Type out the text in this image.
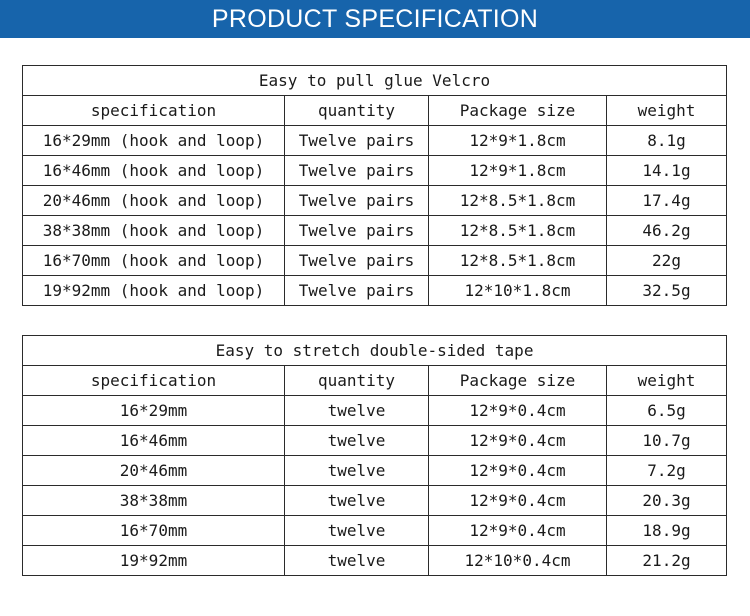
PRODUCT SPECIFICATION
Easy to pull glue Velcro			
specification	quantity	Package size	weight
16*29mm (hook and loop)	Twelve pairs	12*9*1.8cm	8.1g
16*46mm (hook and loop)	Twelve pairs	12*9*1.8cm	14.1g
20*46mm (hook and loop)	Twelve pairs	12*8.5*1.8cm	17.4g
38*38mm (hook and loop)	Twelve pairs	12*8.5*1.8cm	46.2g
16*70mm (hook and loop)	Twelve pairs	12*8.5*1.8cm	22g
19*92mm (hook and loop)	Twelve pairs	12*10*1.8cm	32.5g
Easy to stretch double-sided tape			
specification	quantity	Package size	weight
16*29mm	twelve	12*9*0.4cm	6.5g
16*46mm	twelve	12*9*0.4cm	10.7g
20*46mm	twelve	12*9*0.4cm	7.2g
38*38mm	twelve	12*9*0.4cm	20.3g
16*70mm	twelve	12*9*0.4cm	18.9g
19*92mm	twelve	12*10*0.4cm	21.2g
